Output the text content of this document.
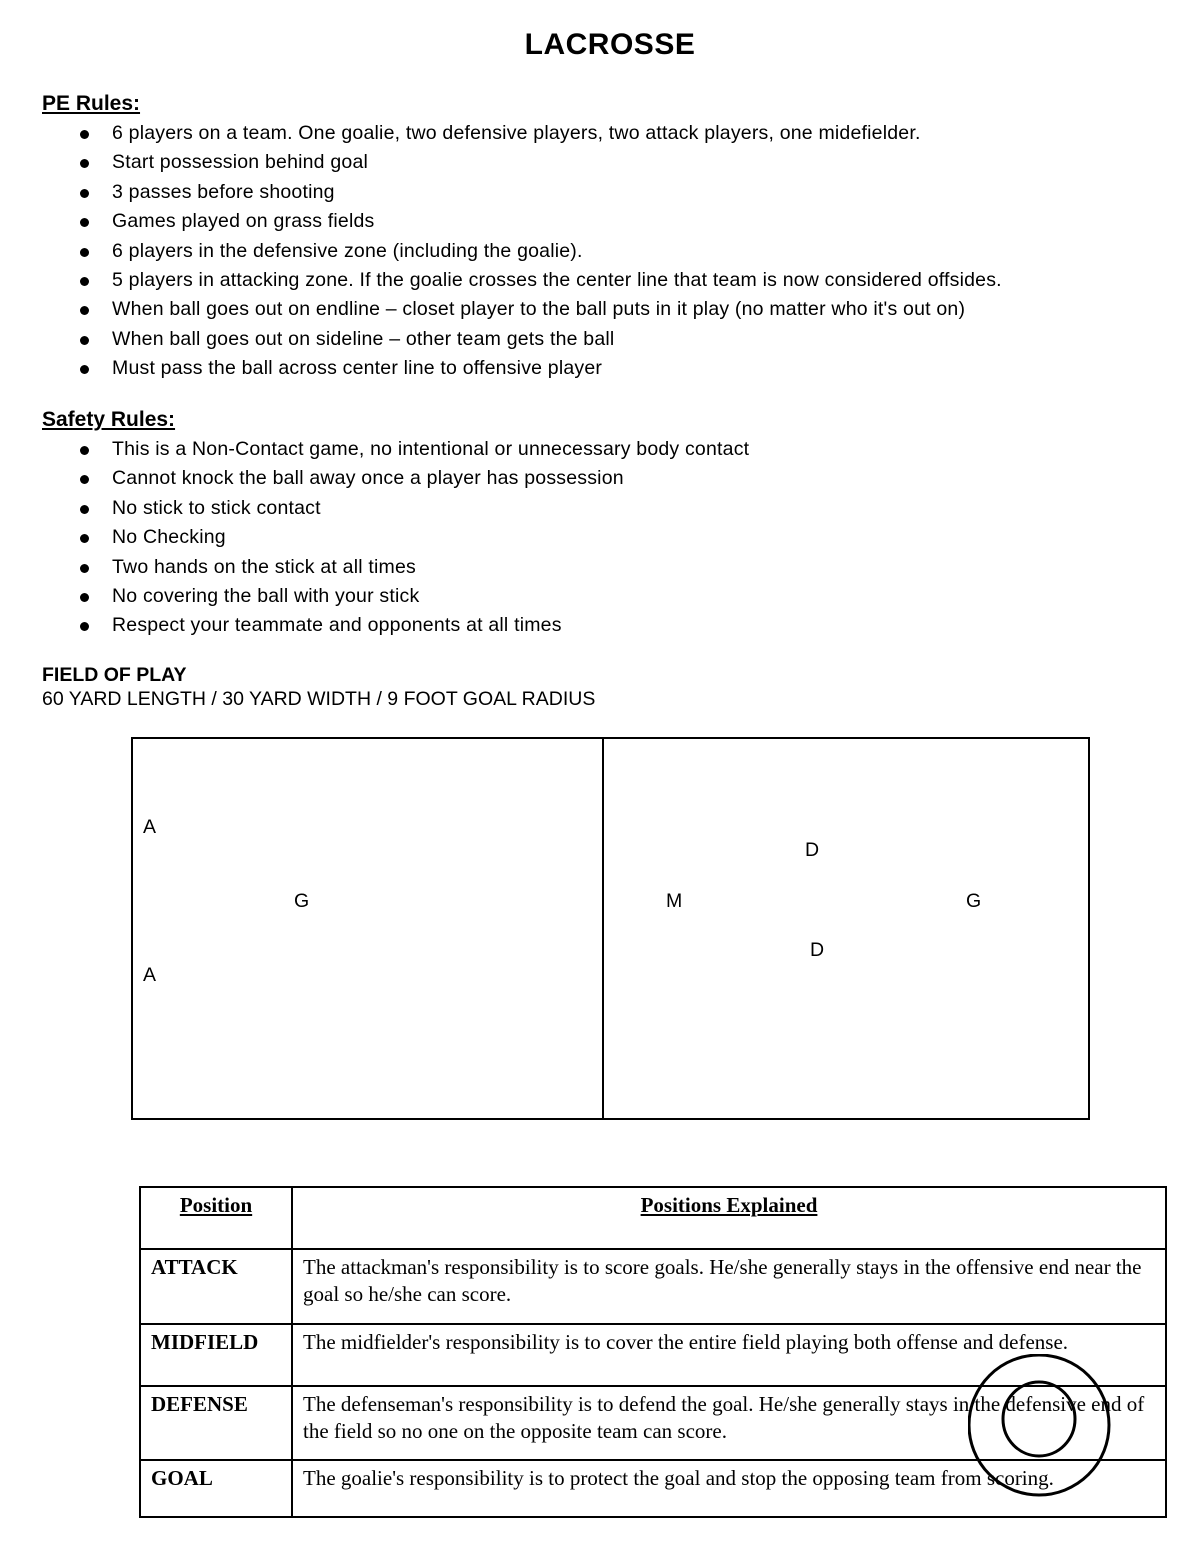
LACROSSE
PE Rules:
6 players on a team. One goalie, two defensive players, two attack players, one midefielder.
Start possession behind goal
3 passes before shooting
Games played on grass fields
6 players in the defensive zone (including the goalie).
5 players in attacking zone. If the goalie crosses the center line that team is now considered offsides.
When ball goes out on endline – closet player to the ball puts in it play (no matter who it's out on)
When ball goes out on sideline – other team gets the ball
Must pass the ball across center line to offensive player
Safety Rules:
This is a Non-Contact game, no intentional or unnecessary body contact
Cannot knock the ball away once a player has possession
No stick to stick contact
No Checking
Two hands on the stick at all times
No covering the ball with your stick
Respect your teammate and opponents at all times
FIELD OF PLAY
60 YARD LENGTH / 30 YARD WIDTH / 9 FOOT GOAL RADIUS
A
A
G	M
D
D
G
Position	Positions Explained
ATTACK	The attackman's responsibility is to score goals. He/she generally stays in the offensive end near the goal so he/she can score.
MIDFIELD	The midfielder's responsibility is to cover the entire field playing both offense and defense.
DEFENSE	The defenseman's responsibility is to defend the goal. He/she generally stays in the defensive end of the field so no one on the opposite team can score.
GOAL	The goalie's responsibility is to protect the goal and stop the opposing team from scoring.
